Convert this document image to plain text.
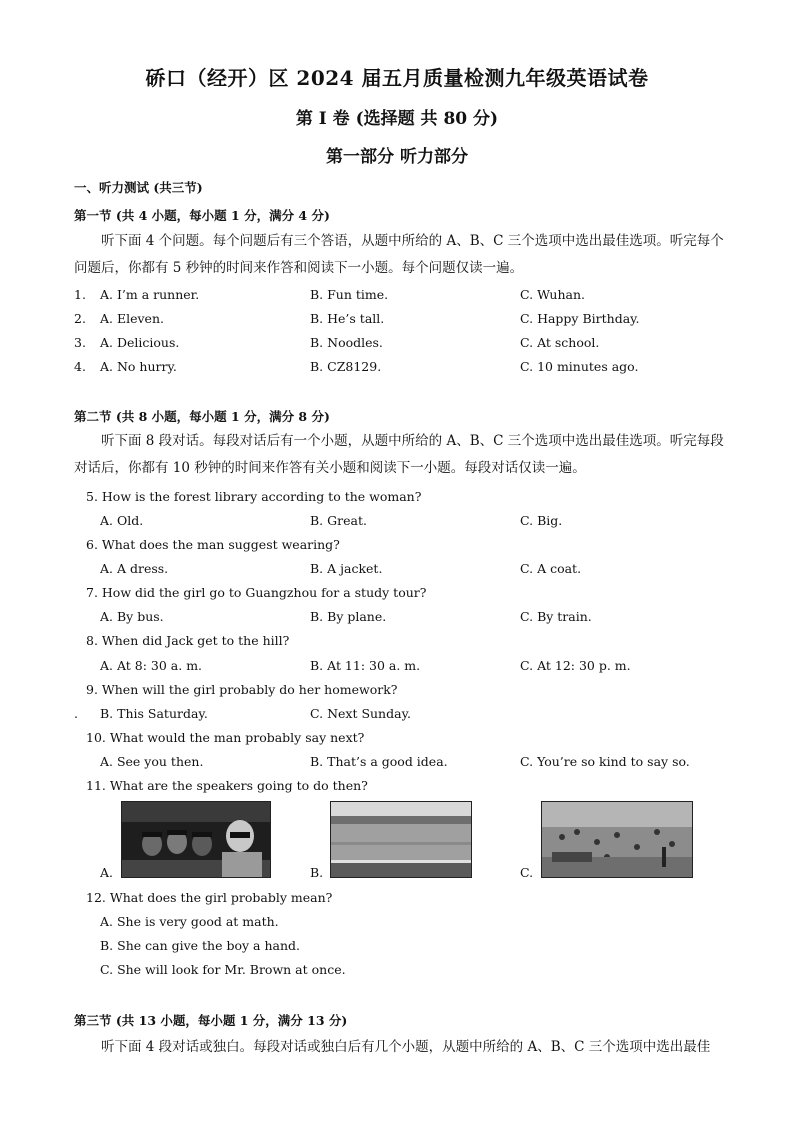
硚口（经开）区 2024 届五月质量检测九年级英语试卷
第 I 卷 (选择题 共 80 分)
第一部分 听力部分
一、听力测试 (共三节)
第一节 (共 4 小题，每小题 1 分，满分 4 分)
听下面 4 个问题。每个问题后有三个答语，从题中所给的 A、B、C 三个选项中选出最佳选项。听完每个问题后，你都有 5 秒钟的时间来作答和阅读下一小题。每个问题仅读一遍。
1. A. I’m a runner.	B. Fun time.	C. Wuhan.
2. A. Eleven.	B. He’s tall.	C. Happy Birthday.
3. A. Delicious.	B. Noodles.	C. At school.
4. A. No hurry.	B. CZ8129.	C. 10 minutes ago.
第二节 (共 8 小题，每小题 1 分，满分 8 分)
听下面 8 段对话。每段对话后有一个小题，从题中所给的 A、B、C 三个选项中选出最佳选项。听完每段对话后，你都有 10 秒钟的时间来作答有关小题和阅读下一小题。每段对话仅读一遍。
5. How is the forest library according to the woman?
A. Old.	B. Great.	C. Big.
6. What does the man suggest wearing?
A. A dress.	B. A jacket.	C. A coat.
7. How did the girl go to Guangzhou for a study tour?
A. By bus.	B. By plane.	C. By train.
8. When did Jack get to the hill?
A. At 8: 30 a. m.	B. At 11: 30 a. m.	C. At 12: 30 p. m.
9. When will the girl probably do her homework?
. B. This Saturday.	C. Next Sunday.
10. What would the man probably say next?
A. See you then.	B. That’s a good idea.	C. You’re so kind to say so.
11. What are the speakers going to do then?
A.	B.	C.
12. What does the girl probably mean?
A. She is very good at math.
B. She can give the boy a hand.
C. She will look for Mr. Brown at once.
第三节 (共 13 小题，每小题 1 分，满分 13 分)
听下面 4 段对话或独白。每段对话或独白后有几个小题，从题中所给的 A、B、C 三个选项中选出最佳
